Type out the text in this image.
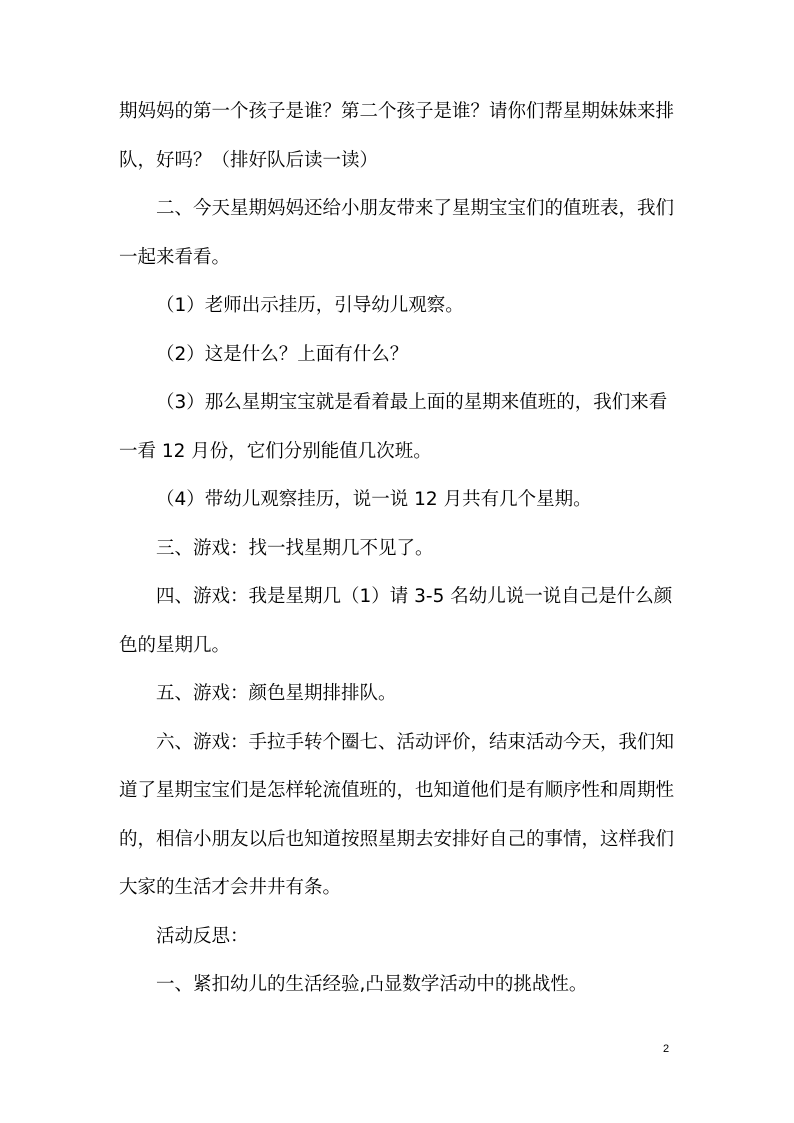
期妈妈的第一个孩子是谁？第二个孩子是谁？请你们帮星期妹妹来排队，好吗？（排好队后读一读）

二、今天星期妈妈还给小朋友带来了星期宝宝们的值班表，我们一起来看看。

（1）老师出示挂历，引导幼儿观察。

（2）这是什么？上面有什么？

（3）那么星期宝宝就是看着最上面的星期来值班的，我们来看一看 12 月份，它们分别能值几次班。

（4）带幼儿观察挂历，说一说 12 月共有几个星期。

三、游戏：找一找星期几不见了。

四、游戏：我是星期几（1）请 3-5 名幼儿说一说自己是什么颜色的星期几。

五、游戏：颜色星期排排队。

六、游戏：手拉手转个圈七、活动评价，结束活动今天，我们知道了星期宝宝们是怎样轮流值班的，也知道他们是有顺序性和周期性的，相信小朋友以后也知道按照星期去安排好自己的事情，这样我们大家的生活才会井井有条。

活动反思：

一、紧扣幼儿的生活经验,凸显数学活动中的挑战性。

2
